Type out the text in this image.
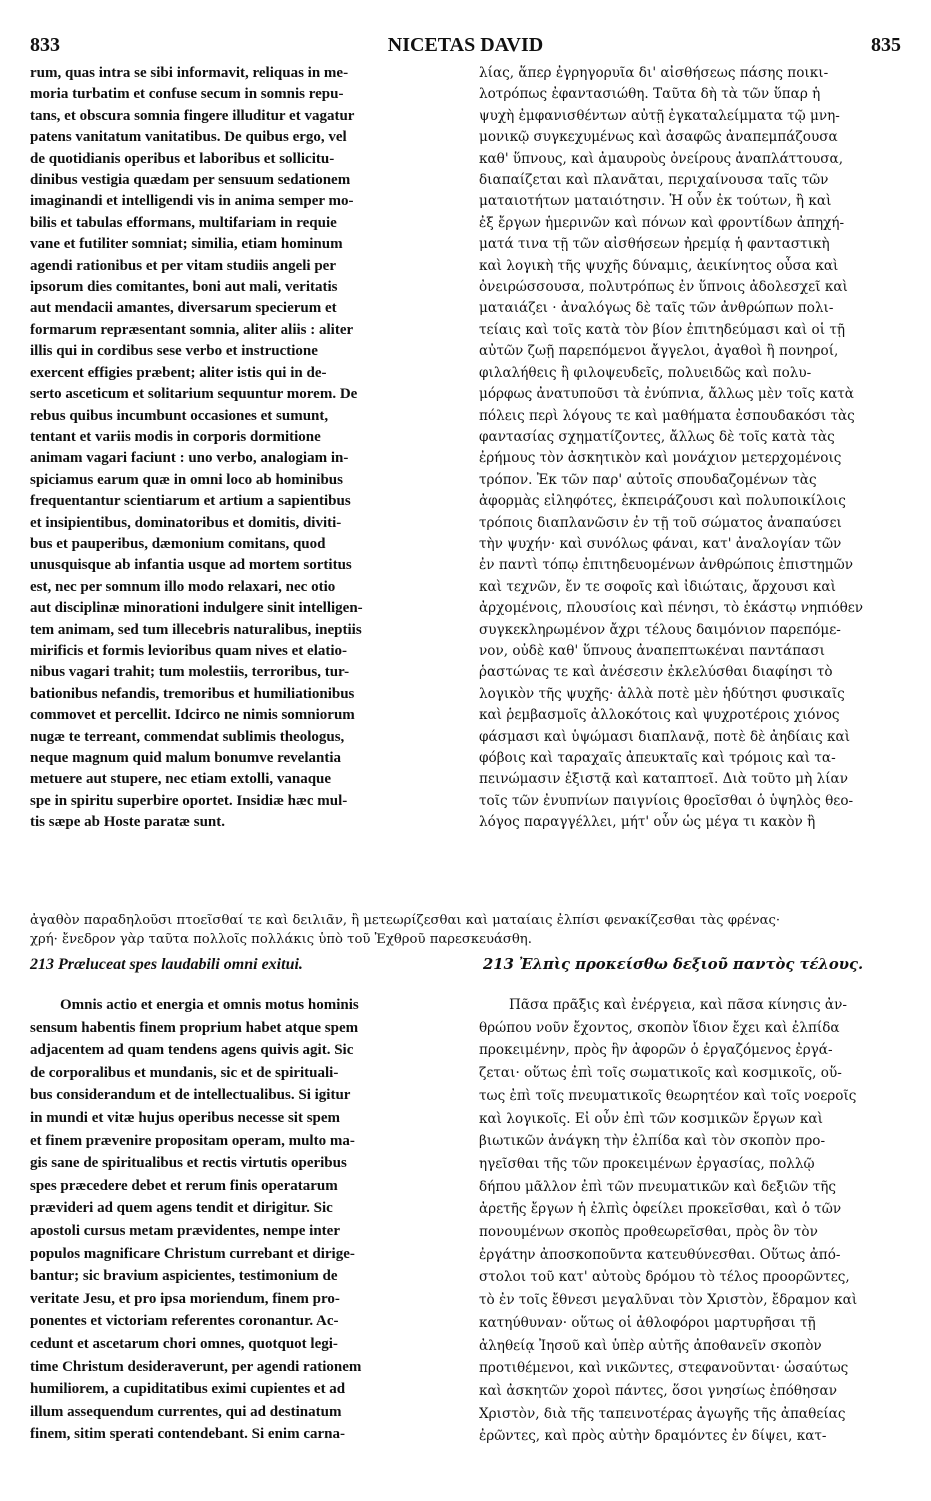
833	NICETAS DAVID	835
rum, quas intra se sibi informavit, reliquas in me-
moria turbatim et confuse secum in somnis repu-
tans, et obscura somnia fingere illuditur et vagatur
patens vanitatum vanitatibus. De quibus ergo, vel
de quotidianis operibus et laboribus et sollicitu-
dinibus vestigia quædam per sensuum sedationem
imaginandi et intelligendi vis in anima semper mo-
bilis et tabulas efformans, multifariam in requie
vane et futiliter somniat; similia, etiam hominum
agendi rationibus et per vitam studiis angeli per
ipsorum dies comitantes, boni aut mali, veritatis
aut mendacii amantes, diversarum specierum et
formarum repræsentant somnia, aliter aliis : aliter
illis qui in cordibus sese verbo et instructione
exercent effigies præbent; aliter istis qui in de-
serto asceticum et solitarium sequuntur morem. De
rebus quibus incumbunt occasiones et sumunt,
tentant et variis modis in corporis dormitione
animam vagari faciunt : uno verbo, analogiam in-
spiciamus earum quæ in omni loco ab hominibus
frequentantur scientiarum et artium a sapientibus
et insipientibus, dominatoribus et domitis, diviti-
bus et pauperibus, dæmonium comitans, quod
unusquisque ab infantia usque ad mortem sortitus
est, nec per somnum illo modo relaxari, nec otio
aut disciplinæ minorationi indulgere sinit intelligen-
tem animam, sed tum illecebris naturalibus, ineptiis
mirificis et formis levioribus quam nives et elatio-
nibus vagari trahit; tum molestiis, terroribus, tur-
bationibus nefandis, tremoribus et humiliationibus
commovet et percellit. Idcirco ne nimis somniorum
nugæ te terreant, commendat sublimis theologus,
neque magnum quid malum bonumve revelantia
metuere aut stupere, nec etiam extolli, vanaque
spe in spiritu superbire oportet. Insidiæ hæc mul-
tis sæpe ab Hoste paratæ sunt.
λίας, ἅπερ ἐγρηγορυῖα δι' αἰσθήσεως πάσης ποικι-
λοτρόπως ἐφαντασιώθη. Ταῦτα δὴ τὰ τῶν ὕπαρ ἡ
ψυχὴ ἐμφανισθέντων αὐτῇ ἐγκαταλείμματα τῷ μνη-
μονικῷ συγκεχυμένως καὶ ἀσαφῶς ἀναπεμπάζουσα
καθ' ὕπνους, καὶ ἀμαυροὺς ὀνείρους ἀναπλάττουσα,
διαπαίζεται καὶ πλανᾶται, περιχαίνουσα ταῖς τῶν
ματαιοτήτων ματαιότησιν. Ἡ οὖν ἐκ τούτων, ἢ καὶ
ἐξ ἔργων ἡμερινῶν καὶ πόνων καὶ φροντίδων ἀπηχή-
ματά τινα τῇ τῶν αἰσθήσεων ἠρεμίᾳ ἡ φανταστικὴ
καὶ λογικὴ τῆς ψυχῆς δύναμις, ἀεικίνητος οὖσα καὶ
ὀνειρώσσουσα, πολυτρόπως ἐν ὕπνοις ἀδολεσχεῖ καὶ
ματαιάζει · ἀναλόγως δὲ ταῖς τῶν ἀνθρώπων πολι-
τείαις καὶ τοῖς κατὰ τὸν βίον ἐπιτηδεύμασι καὶ οἱ τῇ
αὐτῶν ζωῇ παρεπόμενοι ἄγγελοι, ἀγαθοὶ ἢ πονηροί,
φιλαλήθεις ἢ φιλοψευδεῖς, πολυειδῶς καὶ πολυ-
μόρφως ἀνατυποῦσι τὰ ἐνύπνια, ἄλλως μὲν τοῖς κατὰ
πόλεις περὶ λόγους τε καὶ μαθήματα ἐσπουδακόσι τὰς
φαντασίας σχηματίζοντες, ἄλλως δὲ τοῖς κατὰ τὰς
ἐρήμους τὸν ἀσκητικὸν καὶ μονάχιον μετερχομένοις
τρόπον. Ἐκ τῶν παρ' αὐτοῖς σπουδαζομένων τὰς
ἀφορμὰς εἰληφότες, ἐκπειράζουσι καὶ πολυποικίλοις
τρόποις διαπλανῶσιν ἐν τῇ τοῦ σώματος ἀναπαύσει
τὴν ψυχήν· καὶ συνόλως φάναι, κατ' ἀναλογίαν τῶν
ἐν παντὶ τόπῳ ἐπιτηδευομένων ἀνθρώποις ἐπιστημῶν
καὶ τεχνῶν, ἔν τε σοφοῖς καὶ ἰδιώταις, ἄρχουσι καὶ
ἀρχομένοις, πλουσίοις καὶ πένησι, τὸ ἑκάστῳ νηπιόθεν
συγκεκληρωμένον ἄχρι τέλους δαιμόνιον παρεπόμε-
νον, οὐδὲ καθ' ὕπνους ἀναπεπτωκέναι παντάπασι
ῥαστώνας τε καὶ ἀνέσεσιν ἐκλελύσθαι διαφίησι τὸ
λογικὸν τῆς ψυχῆς· ἀλλὰ ποτὲ μὲν ἡδύτησι φυσικαῖς
καὶ ῥεμβασμοῖς ἀλλοκότοις καὶ ψυχροτέροις χιόνος
φάσμασι καὶ ὑψώμασι διαπλανᾷ, ποτὲ δὲ ἀηδίαις καὶ
φόβοις καὶ ταραχαῖς ἀπευκταῖς καὶ τρόμοις καὶ τα-
πεινώμασιν ἐξιστᾷ καὶ καταπτοεῖ. Διὰ τοῦτο μὴ λίαν
τοῖς τῶν ἐνυπνίων παιγνίοις θροεῖσθαι ὁ ὑψηλὸς θεο-
λόγος παραγγέλλει, μήτ' οὖν ὡς μέγα τι κακὸν ἢ
ἀγαθὸν παραδηλοῦσι πτοεῖσθαί τε καὶ δειλιᾶν, ἢ μετεωρίζεσθαι καὶ ματαίαις ἐλπίσι φενακίζεσθαι τὰς φρένας·
χρή· ἔνεδρον γὰρ ταῦτα πολλοῖς πολλάκις ὑπὸ τοῦ Ἐχθροῦ παρεσκευάσθη.
213 Præluceat spes laudabili omni exitui.	213 Ἐλπὶς προκείσθω δεξιοῦ παντὸς τέλους.
Omnis actio et energia et omnis motus hominis
sensum habentis finem proprium habet atque spem
adjacentem ad quam tendens agens quivis agit. Sic
de corporalibus et mundanis, sic et de spirituali-
bus considerandum et de intellectualibus. Si igitur
in mundi et vitæ hujus operibus necesse sit spem
et finem prævenire propositam operam, multo ma-
gis sane de spiritualibus et rectis virtutis operibus
spes præcedere debet et rerum finis operatarum
prævideri ad quem agens tendit et dirigitur. Sic
apostoli cursus metam prævidentes, nempe inter
populos magnificare Christum currebant et dirige-
bantur; sic bravium aspicientes, testimonium de
veritate Jesu, et pro ipsa moriendum, finem pro-
ponentes et victoriam referentes coronantur. Ac-
cedunt et ascetarum chori omnes, quotquot legi-
time Christum desideraverunt, per agendi rationem
humiliorem, a cupiditatibus eximi cupientes et ad
illum assequendum currentes, qui ad destinatum
finem, sitim sperati contendebant. Si enim carna-
Πᾶσα πρᾶξις καὶ ἐνέργεια, καὶ πᾶσα κίνησις ἀν-
θρώπου νοῦν ἔχοντος, σκοπὸν ἴδιον ἔχει καὶ ἐλπίδα
προκειμένην, πρὸς ἣν ἀφορῶν ὁ ἐργαζόμενος ἐργά-
ζεται· οὕτως ἐπὶ τοῖς σωματικοῖς καὶ κοσμικοῖς, οὕ-
τως ἐπὶ τοῖς πνευματικοῖς θεωρητέον καὶ τοῖς νοεροῖς
καὶ λογικοῖς. Εἰ οὖν ἐπὶ τῶν κοσμικῶν ἔργων καὶ
βιωτικῶν ἀνάγκη τὴν ἐλπίδα καὶ τὸν σκοπὸν προ-
ηγεῖσθαι τῆς τῶν προκειμένων ἐργασίας, πολλῷ
δήπου μᾶλλον ἐπὶ τῶν πνευματικῶν καὶ δεξιῶν τῆς
ἀρετῆς ἔργων ἡ ἐλπὶς ὀφείλει προκεῖσθαι, καὶ ὁ τῶν
πονουμένων σκοπὸς προθεωρεῖσθαι, πρὸς ὃν τὸν
ἐργάτην ἀποσκοποῦντα κατευθύνεσθαι. Οὕτως ἀπό-
στολοι τοῦ κατ' αὐτοὺς δρόμου τὸ τέλος προορῶντες,
τὸ ἐν τοῖς ἔθνεσι μεγαλῦναι τὸν Χριστὸν, ἔδραμον καὶ
κατηύθυναν· οὕτως οἱ ἀθλοφόροι μαρτυρῆσαι τῇ
ἀληθείᾳ Ἰησοῦ καὶ ὑπὲρ αὐτῆς ἀποθανεῖν σκοπὸν
προτιθέμενοι, καὶ νικῶντες, στεφανοῦνται· ὡσαύτως
καὶ ἀσκητῶν χοροὶ πάντες, ὅσοι γνησίως ἐπόθησαν
Χριστὸν, διὰ τῆς ταπεινοτέρας ἀγωγῆς τῆς ἀπαθείας
ἐρῶντες, καὶ πρὸς αὐτὴν δραμόντες ἐν δίψει, κατ-
